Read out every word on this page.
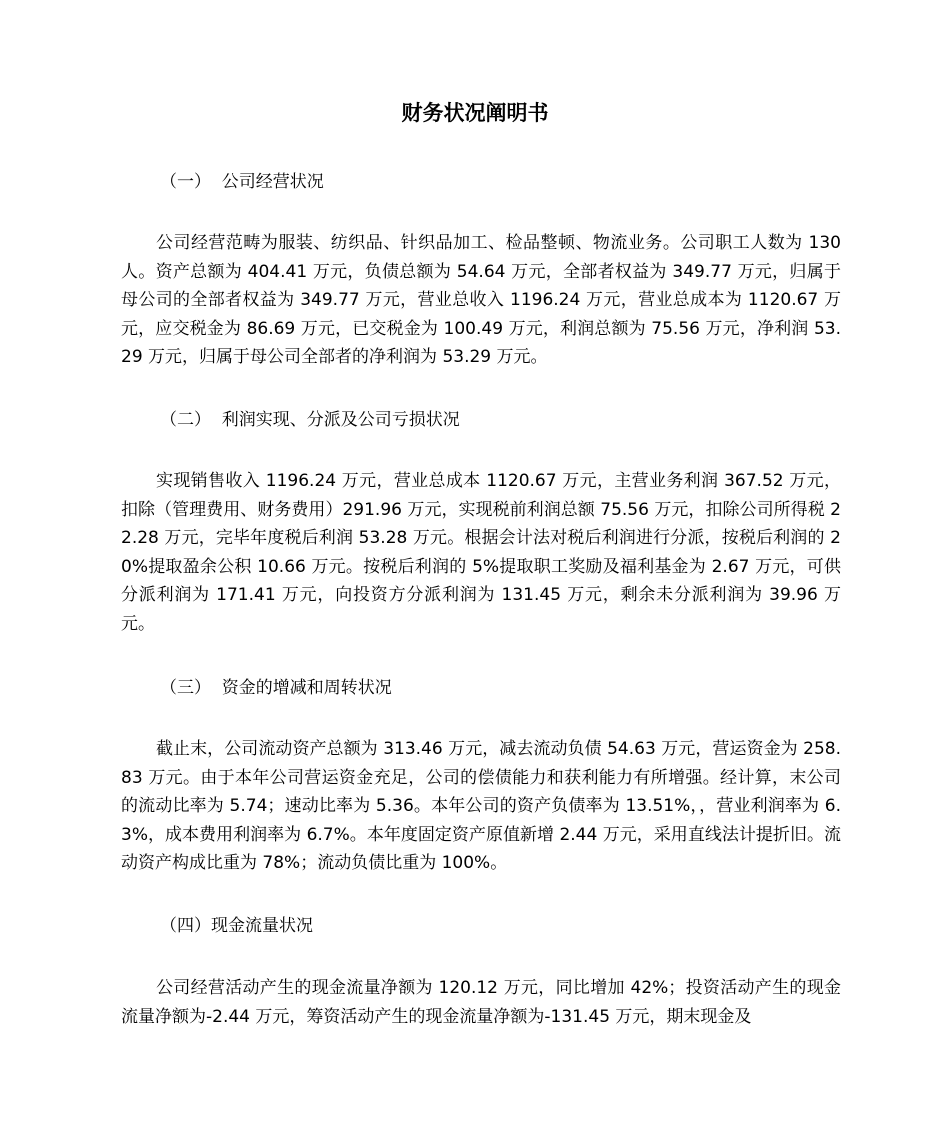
财务状况阐明书

（一）  公司经营状况

公司经营范畴为服装、纺织品、针织品加工、检品整顿、物流业务。公司职工人数为 130 人。资产总额为 404.41 万元，负债总额为 54.64 万元，全部者权益为 349.77 万元，归属于母公司的全部者权益为 349.77 万元，营业总收入 1196.24 万元，营业总成本为 1120.67 万元，应交税金为 86.69 万元，已交税金为 100.49 万元，利润总额为 75.56 万元，净利润 53.29 万元，归属于母公司全部者的净利润为 53.29 万元。

（二）  利润实现、分派及公司亏损状况

实现销售收入 1196.24 万元，营业总成本 1120.67 万元，主营业务利润 367.52 万元，扣除（管理费用、财务费用）291.96 万元，实现税前利润总额 75.56 万元，扣除公司所得税 22.28 万元，完毕年度税后利润 53.28 万元。根据会计法对税后利润进行分派，按税后利润的 20%提取盈余公积 10.66 万元。按税后利润的 5%提取职工奖励及福利基金为 2.67 万元，可供分派利润为 171.41 万元，向投资方分派利润为 131.45 万元，剩余未分派利润为 39.96 万元。

（三）  资金的增减和周转状况

截止末，公司流动资产总额为 313.46 万元，减去流动负债 54.63 万元，营运资金为 258.83 万元。由于本年公司营运资金充足，公司的偿债能力和获利能力有所增强。经计算，末公司的流动比率为 5.74；速动比率为 5.36。本年公司的资产负债率为 13.51%，，营业利润率为 6.3%，成本费用利润率为 6.7%。本年度固定资产原值新增 2.44 万元，采用直线法计提折旧。流动资产构成比重为 78%；流动负债比重为 100%。

（四）现金流量状况

公司经营活动产生的现金流量净额为 120.12 万元，同比增加 42%；投资活动产生的现金流量净额为-2.44 万元，筹资活动产生的现金流量净额为-131.45 万元，期末现金及
